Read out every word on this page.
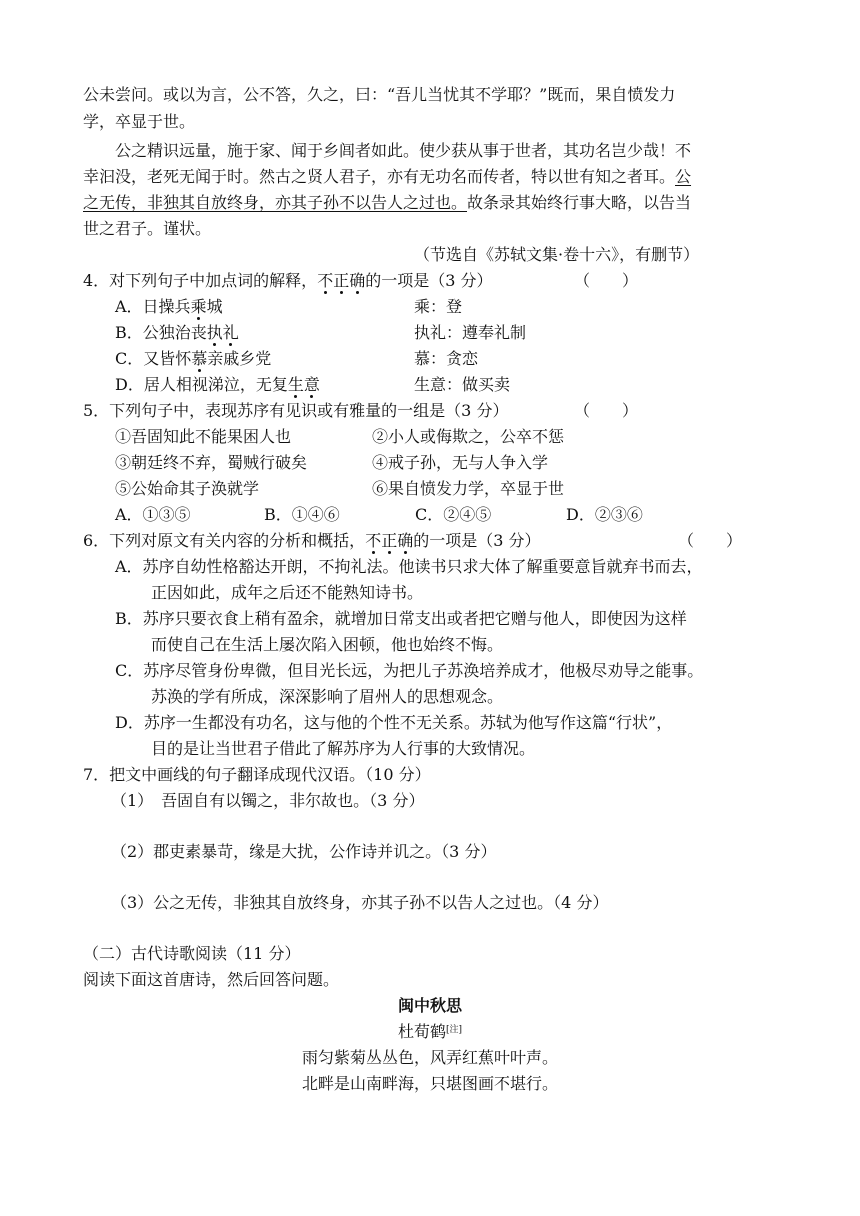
公未尝问。或以为言，公不答，久之，曰：“吾儿当忧其不学耶？”既而，果自愤发力
学，卒显于世。
公之精识远量，施于家、闻于乡闾者如此。使少获从事于世者，其功名岂少哉！不
幸汩没，老死无闻于时。然古之贤人君子，亦有无功名而传者，特以世有知之者耳。公
之无传，非独其自放终身，亦其子孙不以告人之过也。故条录其始终行事大略，以告当
世之君子。谨状。
（节选自《苏轼文集·卷十六》，有删节）
4．对下列句子中加点词的解释，不正确的一项是（3 分）	（　　）
A．日操兵乘城	乘：登
B．公独治丧执礼	执礼：遵奉礼制
C．又皆怀慕亲戚乡党	慕：贪恋
D．居人相视涕泣，无复生意	生意：做买卖
5．下列句子中，表现苏序有见识或有雅量的一组是（3 分）	（　　）
①吾固知此不能果困人也	②小人或侮欺之，公卒不惩
③朝廷终不弃，蜀贼行破矣	④戒子孙，无与人争入学
⑤公始命其子涣就学	⑥果自愤发力学，卒显于世
A．①③⑤	B．①④⑥	C．②④⑤	D．②③⑥
6．下列对原文有关内容的分析和概括，不正确的一项是（3 分）	（　　）
A．苏序自幼性格豁达开朗，不拘礼法。他读书只求大体了解重要意旨就弃书而去，
正因如此，成年之后还不能熟知诗书。
B．苏序只要衣食上稍有盈余，就增加日常支出或者把它赠与他人，即使因为这样
而使自己在生活上屡次陷入困顿，他也始终不悔。
C．苏序尽管身份卑微，但目光长远，为把儿子苏涣培养成才，他极尽劝导之能事。
苏涣的学有所成，深深影响了眉州人的思想观念。
D．苏序一生都没有功名，这与他的个性不无关系。苏轼为他写作这篇“行状”，
目的是让当世君子借此了解苏序为人行事的大致情况。
7．把文中画线的句子翻译成现代汉语。（10 分）
（1）　吾固自有以镯之，非尔故也。（3 分）
（2）郡吏素暴苛，缘是大扰，公作诗并讥之。（3 分）
（3）公之无传，非独其自放终身，亦其子孙不以告人之过也。（4 分）
（二）古代诗歌阅读（11 分）
阅读下面这首唐诗，然后回答问题。
闽中秋思
杜荀鹤[注]
雨匀紫菊丛丛色，风弄红蕉叶叶声。
北畔是山南畔海，只堪图画不堪行。
